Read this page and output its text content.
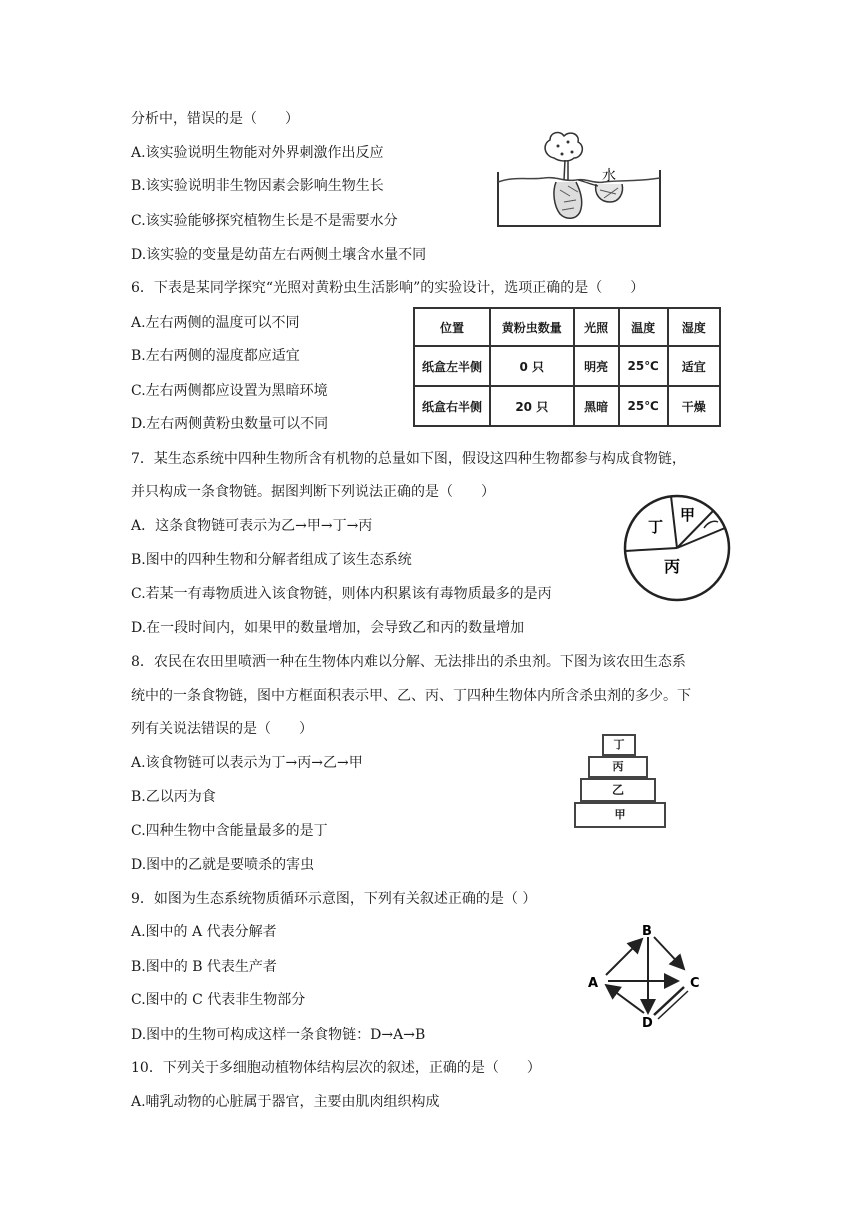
分析中，错误的是（　　）
A.该实验说明生物能对外界刺激作出反应
B.该实验说明非生物因素会影响生物生长
C.该实验能够探究植物生长是不是需要水分
D.该实验的变量是幼苗左右两侧土壤含水量不同
6．下表是某同学探究“光照对黄粉虫生活影响”的实验设计，选项正确的是（　　）
A.左右两侧的温度可以不同
B.左右两侧的湿度都应适宜
C.左右两侧都应设置为黑暗环境
D.左右两侧黄粉虫数量可以不同
7．某生态系统中四种生物所含有机物的总量如下图，假设这四种生物都参与构成食物链，
并只构成一条食物链。据图判断下列说法正确的是（　　）
A．这条食物链可表示为乙→甲→丁→丙
B.图中的四种生物和分解者组成了该生态系统
C.若某一有毒物质进入该食物链，则体内积累该有毒物质最多的是丙
D.在一段时间内，如果甲的数量增加，会导致乙和丙的数量增加
8．农民在农田里喷洒一种在生物体内难以分解、无法排出的杀虫剂。下图为该农田生态系
统中的一条食物链，图中方框面积表示甲、乙、丙、丁四种生物体内所含杀虫剂的多少。下
列有关说法错误的是（　　）
A.该食物链可以表示为丁→丙→乙→甲
B.乙以丙为食
C.四种生物中含能量最多的是丁
D.图中的乙就是要喷杀的害虫
9．如图为生态系统物质循环示意图，下列有关叙述正确的是（ ）
A.图中的 A 代表分解者
B.图中的 B 代表生产者
C.图中的 C 代表非生物部分
D.图中的生物可构成这样一条食物链：D→A→B
10．下列关于多细胞动植物体结构层次的叙述，正确的是（　　）
A.哺乳动物的心脏属于器官，主要由肌肉组织构成
水
位置	黄粉虫数量	光照	温度	湿度
纸盒左半侧	0 只	明亮	25℃	适宜
纸盒右半侧	20 只	黑暗	25℃	干燥
丁
甲
丙
丁
丙
乙
甲
A
B
C
D
